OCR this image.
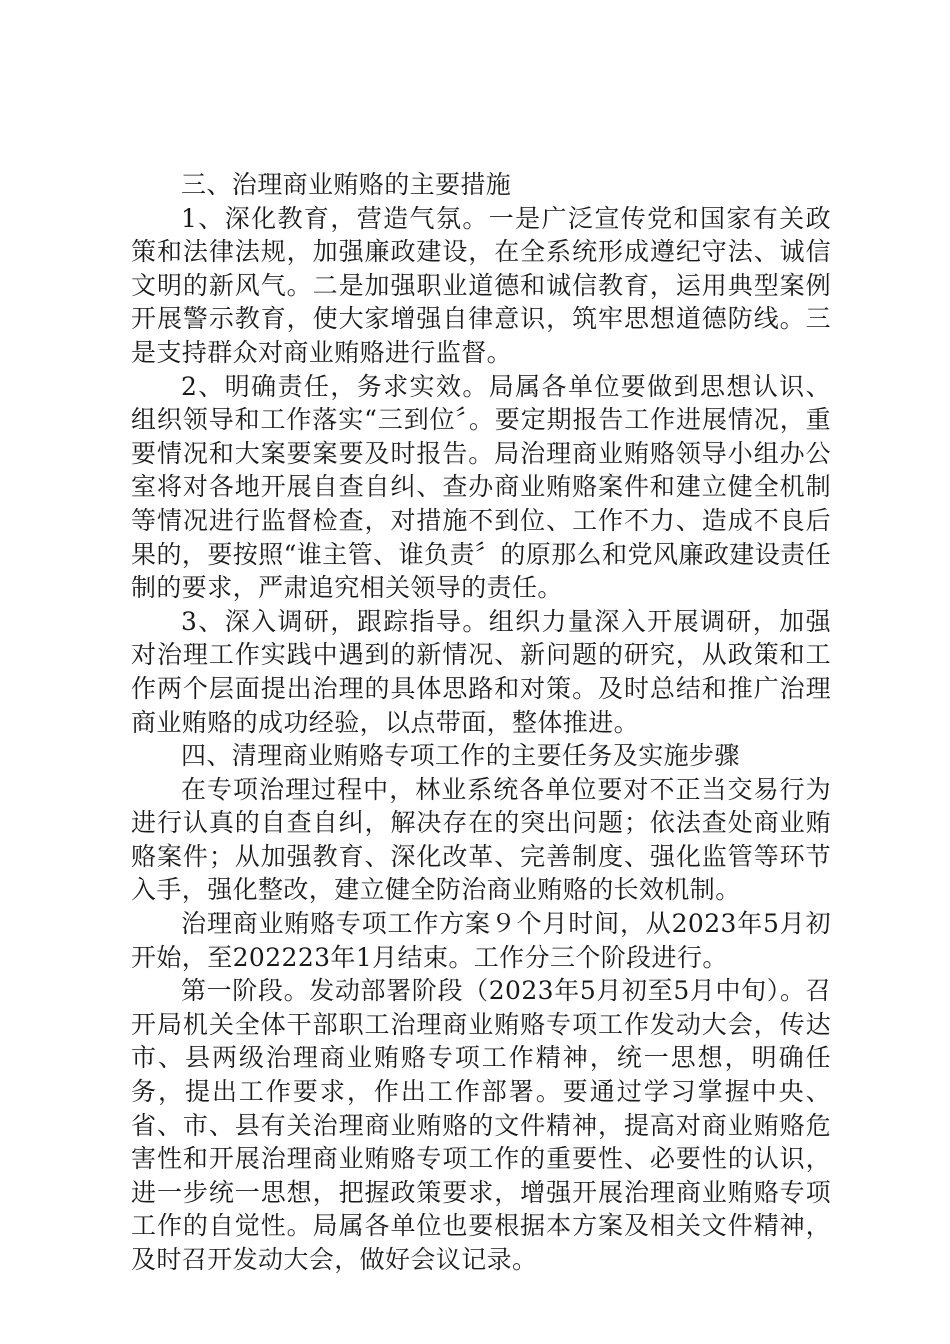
三、治理商业贿赂的主要措施

1、深化教育，营造气氛。一是广泛宣传党和国家有关政策和法律法规，加强廉政建设，在全系统形成遵纪守法、诚信文明的新风气。二是加强职业道德和诚信教育，运用典型案例开展警示教育，使大家增强自律意识，筑牢思想道德防线。三是支持群众对商业贿赂进行监督。

2、明确责任，务求实效。局属各单位要做到思想认识、组织领导和工作落实“三到位〞。要定期报告工作进展情况，重要情况和大案要案要及时报告。局治理商业贿赂领导小组办公室将对各地开展自查自纠、查办商业贿赂案件和建立健全机制等情况进行监督检查，对措施不到位、工作不力、造成不良后果的，要按照“谁主管、谁负责〞的原那么和党风廉政建设责任制的要求，严肃追究相关领导的责任。

3、深入调研，跟踪指导。组织力量深入开展调研，加强对治理工作实践中遇到的新情况、新问题的研究，从政策和工作两个层面提出治理的具体思路和对策。及时总结和推广治理商业贿赂的成功经验，以点带面，整体推进。

四、清理商业贿赂专项工作的主要任务及实施步骤

在专项治理过程中，林业系统各单位要对不正当交易行为进行认真的自查自纠，解决存在的突出问题；依法查处商业贿赂案件；从加强教育、深化改革、完善制度、强化监管等环节入手，强化整改，建立健全防治商业贿赂的长效机制。

治理商业贿赂专项工作方案９个月时间，从2023年5月初开始，至202223年1月结束。工作分三个阶段进行。

第一阶段。发动部署阶段（2023年5月初至5月中旬）。召开局机关全体干部职工治理商业贿赂专项工作发动大会，传达市、县两级治理商业贿赂专项工作精神，统一思想，明确任务，提出工作要求，作出工作部署。要通过学习掌握中央、省、市、县有关治理商业贿赂的文件精神，提高对商业贿赂危害性和开展治理商业贿赂专项工作的重要性、必要性的认识，进一步统一思想，把握政策要求，增强开展治理商业贿赂专项工作的自觉性。局属各单位也要根据本方案及相关文件精神，及时召开发动大会，做好会议记录。
